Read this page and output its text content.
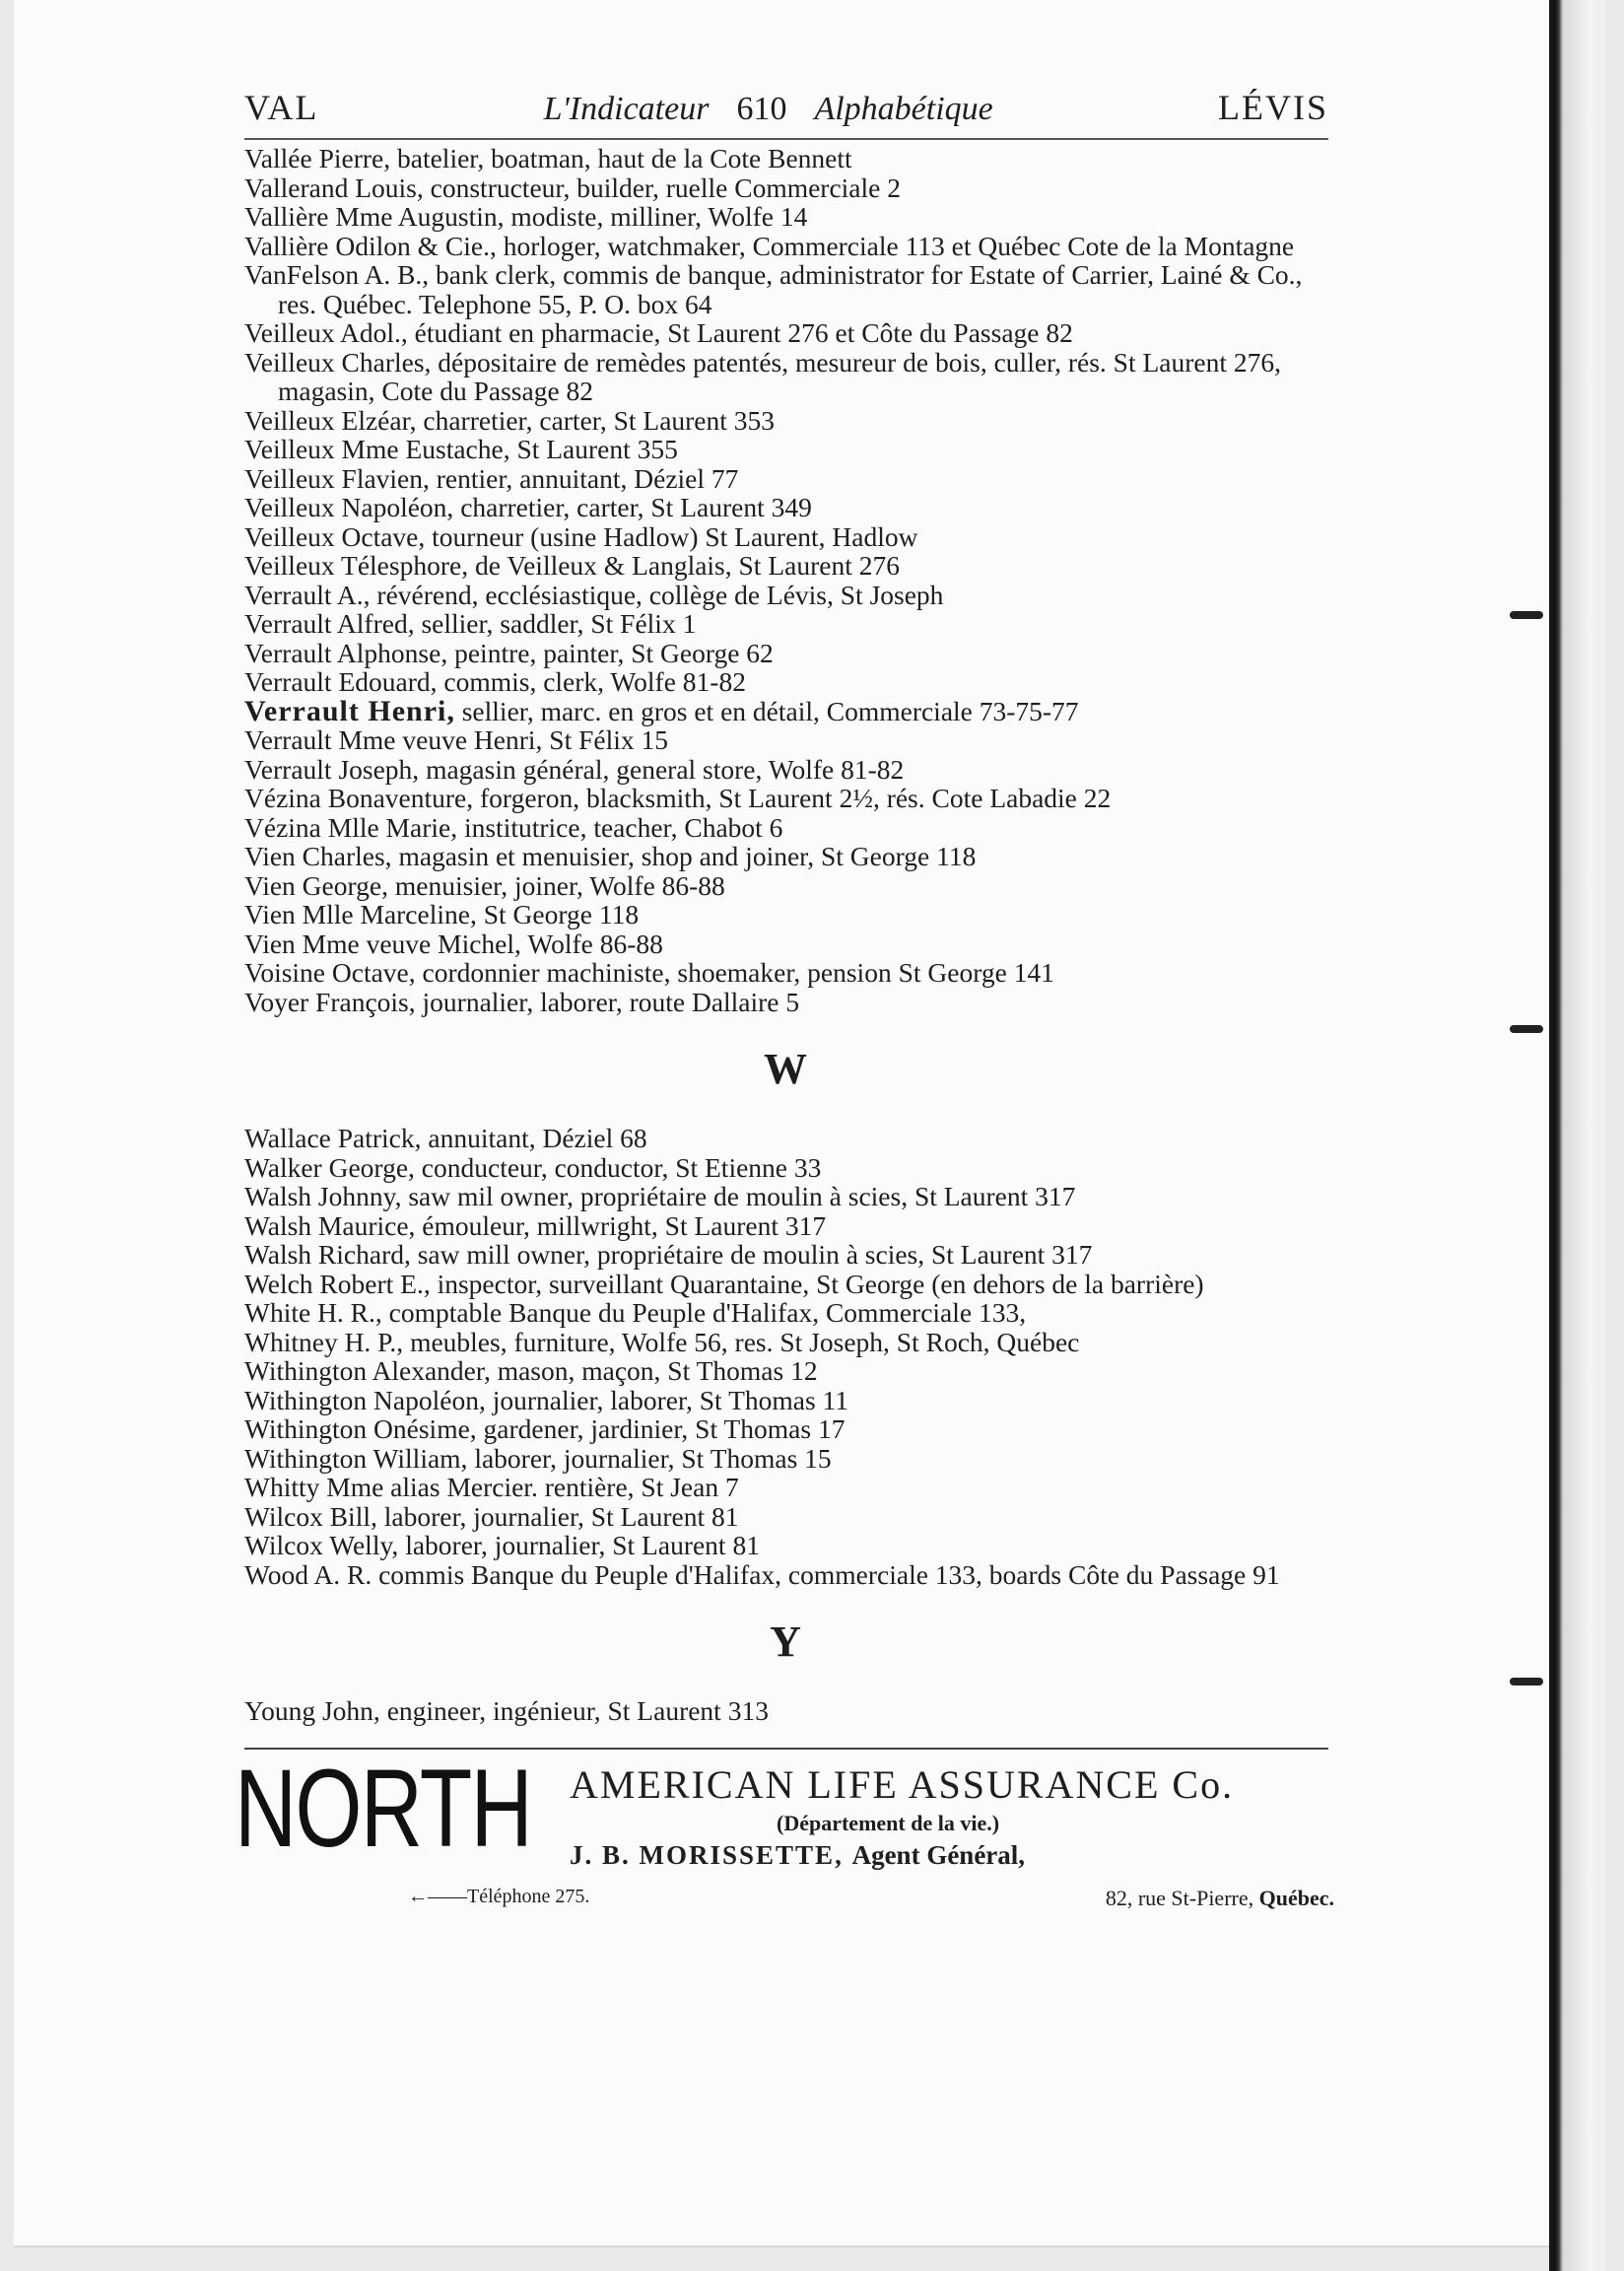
VAL	L'Indicateur 610 Alphabétique	LÉVIS
Vallée Pierre, batelier, boatman, haut de la Cote Bennett
Vallerand Louis, constructeur, builder, ruelle Commerciale 2
Vallière Mme Augustin, modiste, milliner, Wolfe 14
Vallière Odilon & Cie., horloger, watchmaker, Commerciale 113 et Québec Cote de la Montagne
VanFelson A. B., bank clerk, commis de banque, administrator for Estate of Carrier, Lainé & Co., res. Québec. Telephone 55, P. O. box 64
Veilleux Adol., étudiant en pharmacie, St Laurent 276 et Côte du Passage 82
Veilleux Charles, dépositaire de remèdes patentés, mesureur de bois, culler, rés. St Laurent 276, magasin, Cote du Passage 82
Veilleux Elzéar, charretier, carter, St Laurent 353
Veilleux Mme Eustache, St Laurent 355
Veilleux Flavien, rentier, annuitant, Déziel 77
Veilleux Napoléon, charretier, carter, St Laurent 349
Veilleux Octave, tourneur (usine Hadlow) St Laurent, Hadlow
Veilleux Télesphore, de Veilleux & Langlais, St Laurent 276
Verrault A., révérend, ecclésiastique, collège de Lévis, St Joseph
Verrault Alfred, sellier, saddler, St Félix 1
Verrault Alphonse, peintre, painter, St George 62
Verrault Edouard, commis, clerk, Wolfe 81-82
Verrault Henri, sellier, marc. en gros et en détail, Commerciale 73-75-77
Verrault Mme veuve Henri, St Félix 15
Verrault Joseph, magasin général, general store, Wolfe 81-82
Vézina Bonaventure, forgeron, blacksmith, St Laurent 2½, rés. Cote Labadie 22
Vézina Mlle Marie, institutrice, teacher, Chabot 6
Vien Charles, magasin et menuisier, shop and joiner, St George 118
Vien George, menuisier, joiner, Wolfe 86-88
Vien Mlle Marceline, St George 118
Vien Mme veuve Michel, Wolfe 86-88
Voisine Octave, cordonnier machiniste, shoemaker, pension St George 141
Voyer François, journalier, laborer, route Dallaire 5
W
Wallace Patrick, annuitant, Déziel 68
Walker George, conducteur, conductor, St Etienne 33
Walsh Johnny, saw mil owner, propriétaire de moulin à scies, St Laurent 317
Walsh Maurice, émouleur, millwright, St Laurent 317
Walsh Richard, saw mill owner, propriétaire de moulin à scies, St Laurent 317
Welch Robert E., inspector, surveillant Quarantaine, St George (en dehors de la barrière)
White H. R., comptable Banque du Peuple d'Halifax, Commerciale 133,
Whitney H. P., meubles, furniture, Wolfe 56, res. St Joseph, St Roch, Québec
Withington Alexander, mason, maçon, St Thomas 12
Withington Napoléon, journalier, laborer, St Thomas 11
Withington Onésime, gardener, jardinier, St Thomas 17
Withington William, laborer, journalier, St Thomas 15
Whitty Mme alias Mercier. rentière, St Jean 7
Wilcox Bill, laborer, journalier, St Laurent 81
Wilcox Welly, laborer, journalier, St Laurent 81
Wood A. R. commis Banque du Peuple d'Halifax, commerciale 133, boards Côte du Passage 91
Y
Young John, engineer, ingénieur, St Laurent 313
NORTH AMERICAN LIFE ASSURANCE Co.
(Département de la vie.)
J. B. MORISSETTE, Agent Général,
←——Téléphone 275.	82, rue St-Pierre, Québec.
